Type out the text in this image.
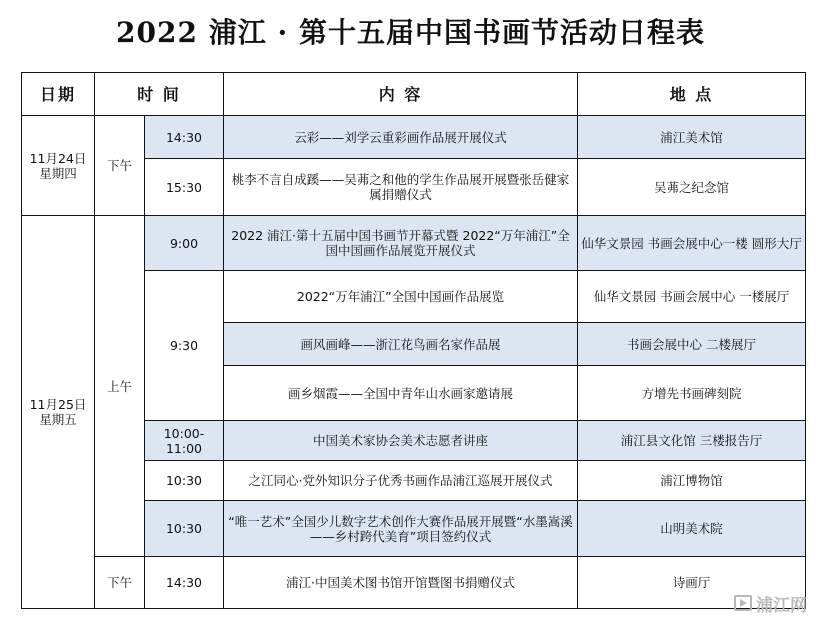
2022 浦江 · 第十五届中国书画节活动日程表
日期	时 间		内 容	地 点

11月24日
星期四	下午	14:30	云彩——刘学云重彩画作品展开展仪式	浦江美术馆
		15:30	桃李不言自成蹊——吴茀之和他的学生作品展开展暨张岳健家属捐赠仪式	吴茀之纪念馆

11月25日
星期五	上午	9:00	2022 浦江·第十五届中国书画节开幕式暨 2022“万年浦江”全国中国画作品展览开展仪式	仙华文景园 书画会展中心一楼 圆形大厅
		9:30	2022“万年浦江”全国中国画作品展览	仙华文景园 书画会展中心 一楼展厅
			画风画峰——浙江花鸟画名家作品展	书画会展中心 二楼展厅
			画乡烟霞——全国中青年山水画家邀请展	方增先书画碑刻院
		10:00-11:00	中国美术家协会美术志愿者讲座	浦江县文化馆 三楼报告厅
		10:30	之江同心·党外知识分子优秀书画作品浦江巡展开展仪式	浦江博物馆
		10:30	“唯一艺术”全国少儿数字艺术创作大赛作品展开展暨“水墨嵩溪——乡村跨代美育”项目签约仪式	山明美术院
	下午	14:30	浦江·中国美术图书馆开馆暨图书捐赠仪式	诗画厅
浦江网
